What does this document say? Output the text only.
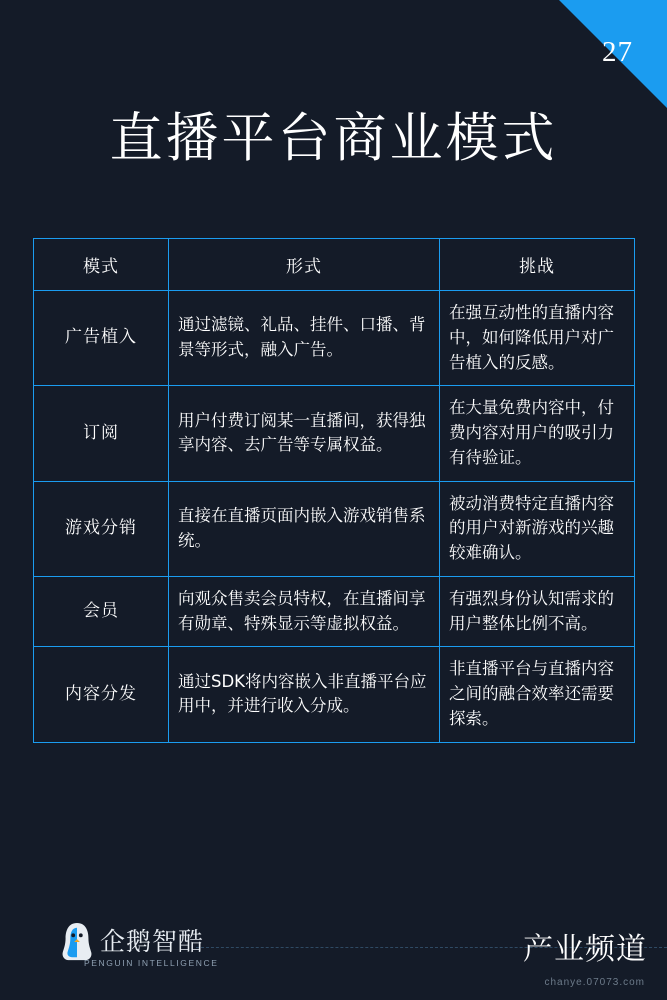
27
直播平台商业模式
模式	形式	挑战
广告植入	通过滤镜、礼品、挂件、口播、背景等形式，融入广告。	在强互动性的直播内容中，如何降低用户对广告植入的反感。
订阅	用户付费订阅某一直播间，获得独享内容、去广告等专属权益。	在大量免费内容中，付费内容对用户的吸引力有待验证。
游戏分销	直接在直播页面内嵌入游戏销售系统。	被动消费特定直播内容的用户对新游戏的兴趣较难确认。
会员	向观众售卖会员特权，在直播间享有勋章、特殊显示等虚拟权益。	有强烈身份认知需求的用户整体比例不高。
内容分发	通过SDK将内容嵌入非直播平台应用中，并进行收入分成。	非直播平台与直播内容之间的融合效率还需要探索。
企鹅智酷
PENGUIN INTELLIGENCE	产业频道
chanye.07073.com
